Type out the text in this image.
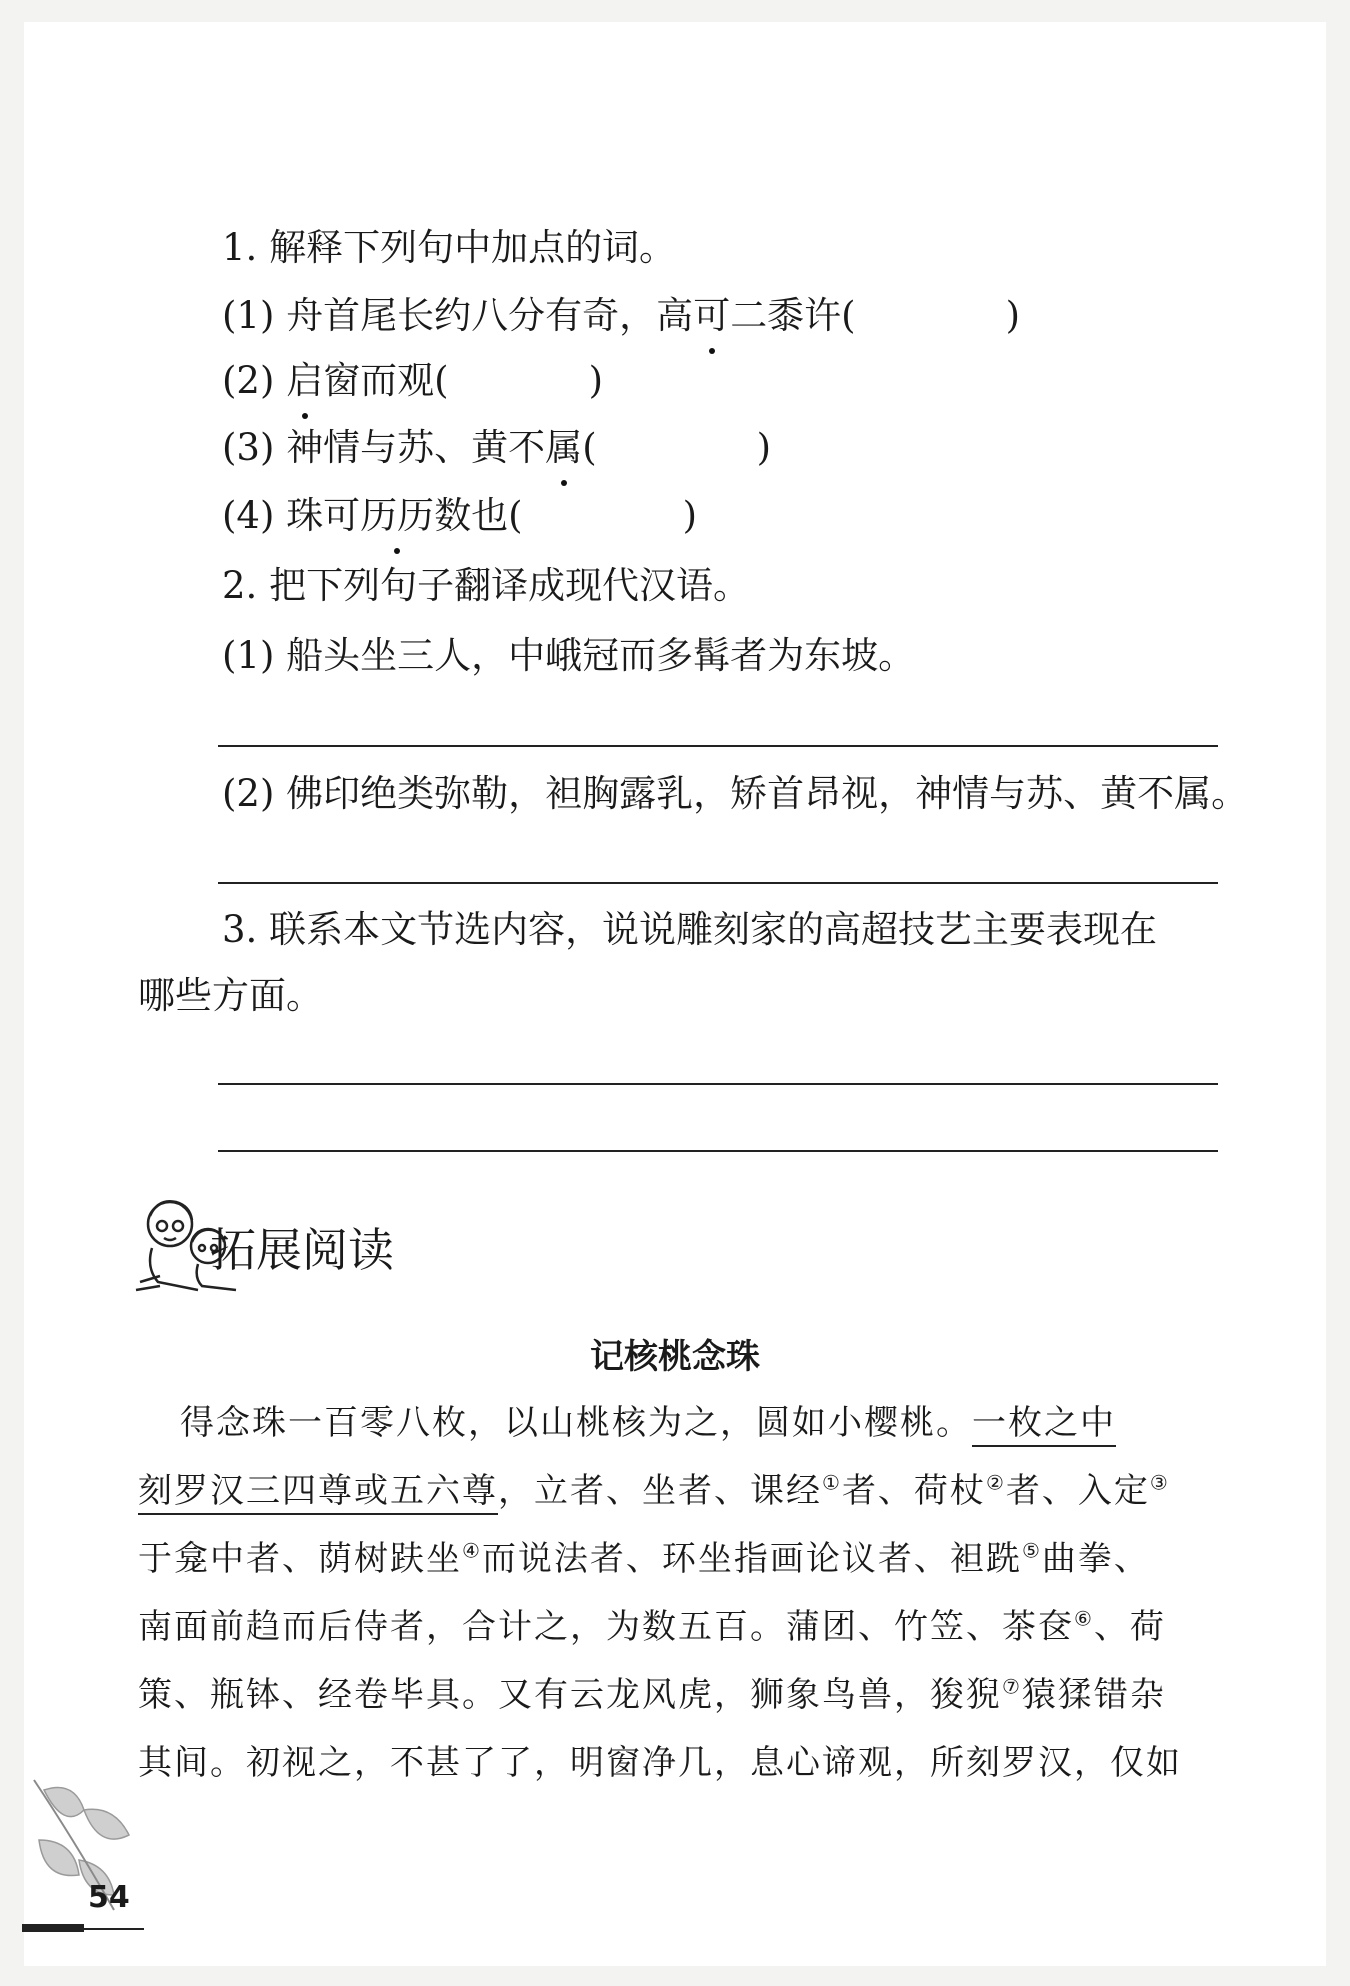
1. 解释下列句中加点的词。
(1) 舟首尾长约八分有奇，高可二黍许(	)
(2) 启窗而观(	)
(3) 神情与苏、黄不属(	)
(4) 珠可历历数也(	)
2. 把下列句子翻译成现代汉语。
(1) 船头坐三人，中峨冠而多髯者为东坡。
(2) 佛印绝类弥勒，袒胸露乳，矫首昂视，神情与苏、黄不属。
3. 联系本文节选内容，说说雕刻家的高超技艺主要表现在
哪些方面。
拓展阅读
记核桃念珠
得念珠一百零八枚，以山桃核为之，圆如小樱桃。一枚之中
刻罗汉三四尊或五六尊，立者、坐者、课经①者、荷杖②者、入定③
于龛中者、荫树趺坐④而说法者、环坐指画论议者、袒跣⑤曲拳、
南面前趋而后侍者，合计之，为数五百。蒲团、竹笠、茶奁⑥、荷
策、瓶钵、经卷毕具。又有云龙风虎，狮象鸟兽，狻猊⑦猿猱错杂
其间。初视之，不甚了了，明窗净几，息心谛观，所刻罗汉，仅如
54
